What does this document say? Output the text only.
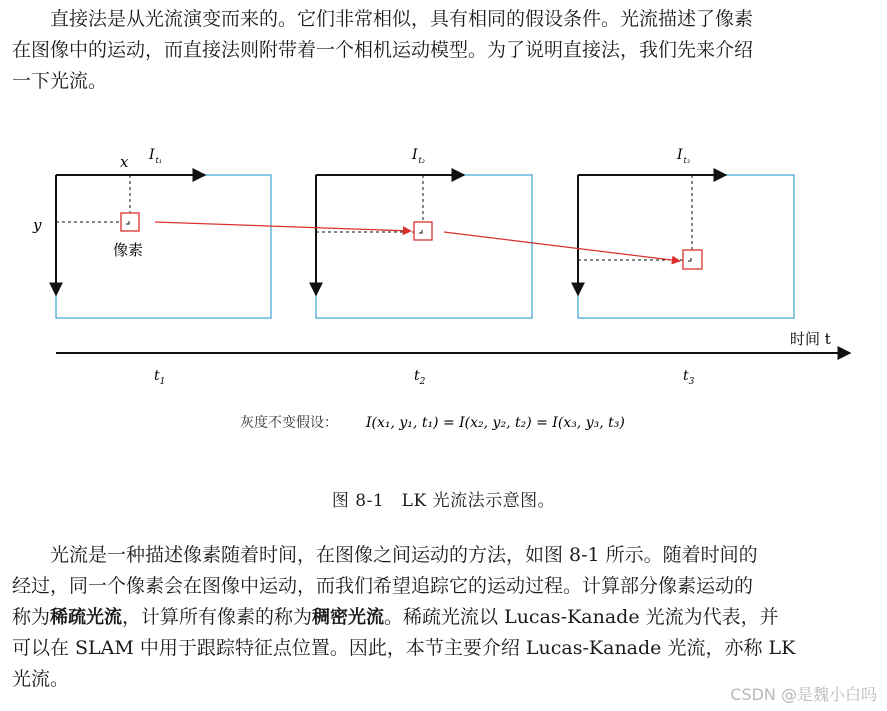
　　直接法是从光流演变而来的。它们非常相似，具有相同的假设条件。光流描述了像素
在图像中的运动，而直接法则附带着一个相机运动模型。为了说明直接法，我们先来介绍
一下光流。
x
y
像素
$I_{t_1}$	$I_{t_2}$	$I_{t_3}$
时间 t
$t_1$	$t_2$	$t_3$
灰度不变假设： I(x₁, y₁, t₁) = I(x₂, y₂, t₂) = I(x₃, y₃, t₃)
图 8-1　LK 光流法示意图。
　　光流是一种描述像素随着时间，在图像之间运动的方法，如图 8-1 所示。随着时间的
经过，同一个像素会在图像中运动，而我们希望追踪它的运动过程。计算部分像素运动的
称为稀疏光流，计算所有像素的称为稠密光流。稀疏光流以 Lucas-Kanade 光流为代表，并
可以在 SLAM 中用于跟踪特征点位置。因此，本节主要介绍 Lucas-Kanade 光流，亦称 LK
光流。
CSDN @是魏小白吗
